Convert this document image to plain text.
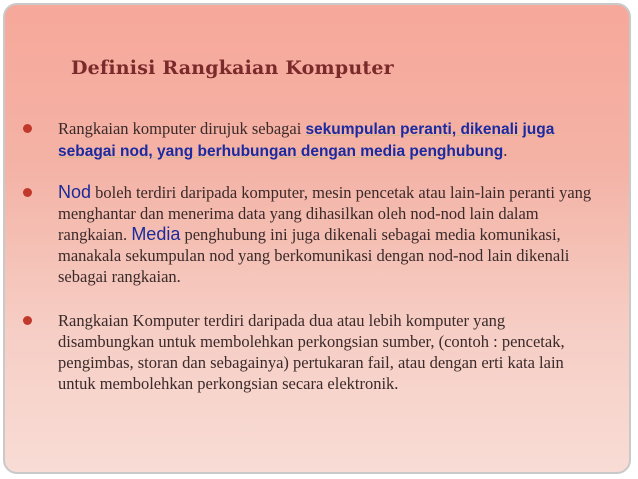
Definisi Rangkaian Komputer
Rangkaian komputer dirujuk sebagai sekumpulan peranti, dikenali juga sebagai nod, yang berhubungan dengan media penghubung.
Nod boleh terdiri daripada komputer, mesin pencetak atau lain-lain peranti yang menghantar dan menerima data yang dihasilkan oleh nod-nod lain dalam rangkaian. Media penghubung ini juga dikenali sebagai media komunikasi, manakala sekumpulan nod yang berkomunikasi dengan nod-nod lain dikenali sebagai rangkaian.
Rangkaian Komputer terdiri daripada dua atau lebih komputer yang disambungkan untuk membolehkan perkongsian sumber, (contoh : pencetak, pengimbas, storan dan sebagainya) pertukaran fail, atau dengan erti kata lain untuk membolehkan perkongsian secara elektronik.
